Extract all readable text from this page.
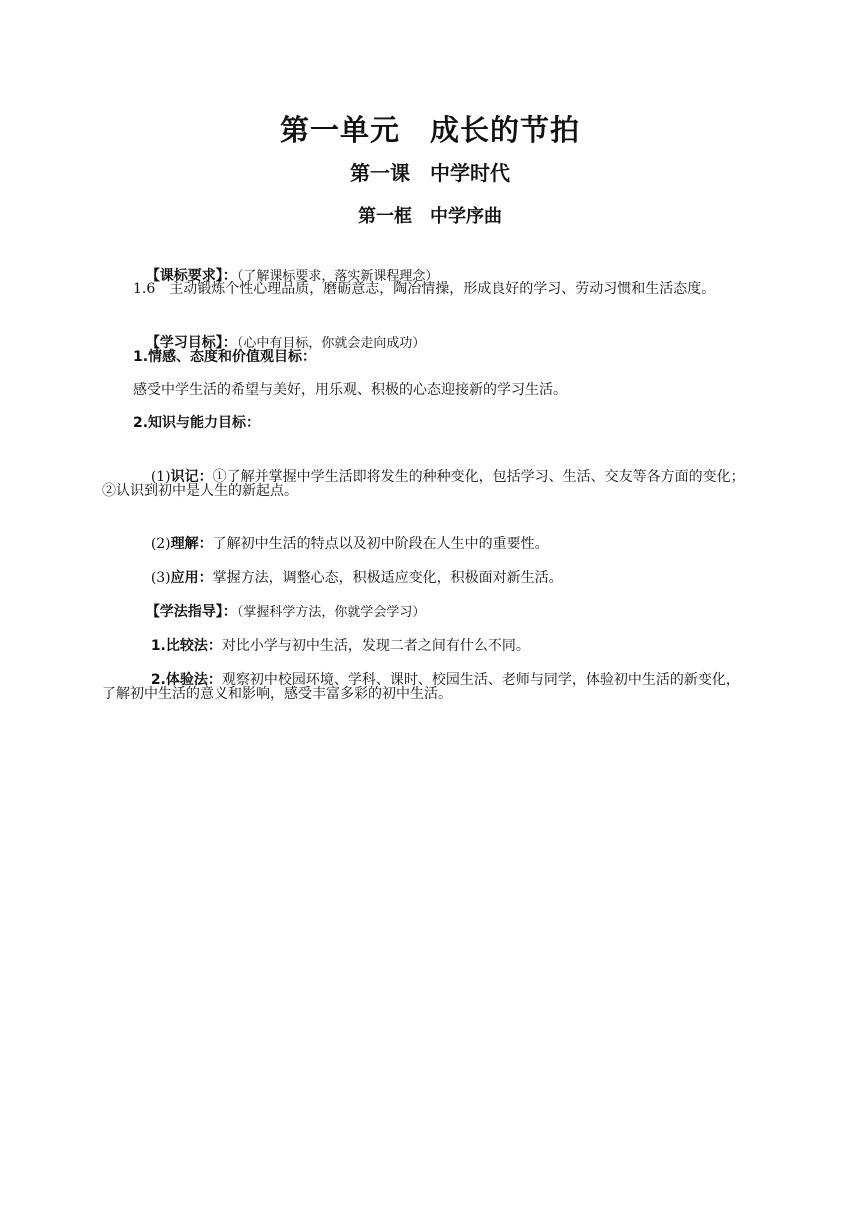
第一单元　成长的节拍
第一课　中学时代
第一框　中学序曲

【课标要求】：（了解课标要求，落实新课程理念）

1.6　主动锻炼个性心理品质，磨砺意志，陶冶情操，形成良好的学习、劳动习惯和生活态度。

【学习目标】：（心中有目标，你就会走向成功）

1.情感、态度和价值观目标：
感受中学生活的希望与美好，用乐观、积极的心态迎接新的学习生活。
2.知识与能力目标：

(1)识记：①了解并掌握中学生活即将发生的种种变化，包括学习、生活、交友等各方面的变化；

②认识到初中是人生的新起点。

(2)理解：了解初中生活的特点以及初中阶段在人生中的重要性。

(3)应用：掌握方法，调整心态，积极适应变化，积极面对新生活。

【学法指导】：（掌握科学方法，你就学会学习）

1.比较法：对比小学与初中生活，发现二者之间有什么不同。

2.体验法：观察初中校园环境、学科、课时、校园生活、老师与同学，体验初中生活的新变化，

了解初中生活的意义和影响，感受丰富多彩的初中生活。
